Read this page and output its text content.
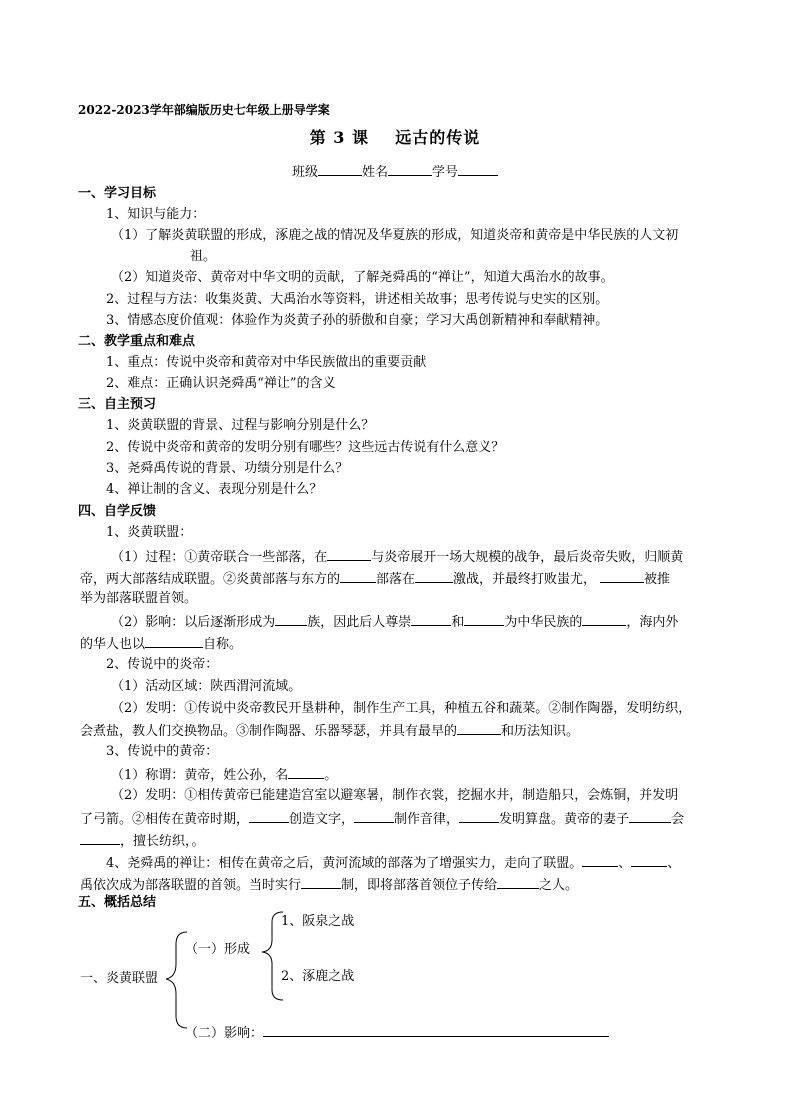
2022-2023学年部编版历史七年级上册导学案
第 3 课    远古的传说
班级	姓名	学号
一、学习目标
1、知识与能力：
（1）了解炎黄联盟的形成，涿鹿之战的情况及华夏族的形成，知道炎帝和黄帝是中华民族的人文初
祖。
（2）知道炎帝、黄帝对中华文明的贡献，了解尧舜禹的“禅让”，知道大禹治水的故事。
2、过程与方法：收集炎黄、大禹治水等资料，讲述相关故事；思考传说与史实的区别。
3、情感态度价值观：体验作为炎黄子孙的骄傲和自豪；学习大禹创新精神和奉献精神。
二、教学重点和难点
1、重点：传说中炎帝和黄帝对中华民族做出的重要贡献
2、难点：正确认识尧舜禹“禅让”的含义
三、自主预习
1、炎黄联盟的背景、过程与影响分别是什么？
2、传说中炎帝和黄帝的发明分别有哪些？这些远古传说有什么意义？
3、尧舜禹传说的背景、功绩分别是什么？
4、禅让制的含义、表现分别是什么？
四、自学反馈
1、炎黄联盟：
（1）过程：①黄帝联合一些部落，在	与炎帝展开一场大规模的战争，最后炎帝失败，归顺黄
帝，两大部落结成联盟。②炎黄部落与东方的	部落在	激战，并最终打败蚩尤，	被推
举为部落联盟首领。
（2）影响：以后逐渐形成为 族，因此后人尊崇	和	为中华民族的	，海内外
的华人也以	自称。
2、传说中的炎帝：
（1）活动区域：陕西渭河流域。
（2）发明：①传说中炎帝教民开垦耕种，制作生产工具，种植五谷和蔬菜。②制作陶器，发明纺织，
会煮盐，教人们交换物品。③制作陶器、乐器琴瑟，并具有最早的	和历法知识。
3、传说中的黄帝：
（1）称谓：黄帝，姓公孙，名	。
（2）发明：①相传黄帝已能建造宫室以避寒暑，制作衣裳，挖掘水井，制造船只，会炼铜，并发明
了弓箭。②相传在黄帝时期，	创造文字，	制作音律，	发明算盘。黄帝的妻子	会
，擅长纺织，。
4、尧舜禹的禅让：相传在黄帝之后，黄河流域的部落为了增强实力，走向了联盟。	、	、
禹依次成为部落联盟的首领。当时实行	制，即将部落首领位子传给	之人。
五、概括总结
一、炎黄联盟
（一）形成
1、阪泉之战
2、涿鹿之战
（二）影响：
